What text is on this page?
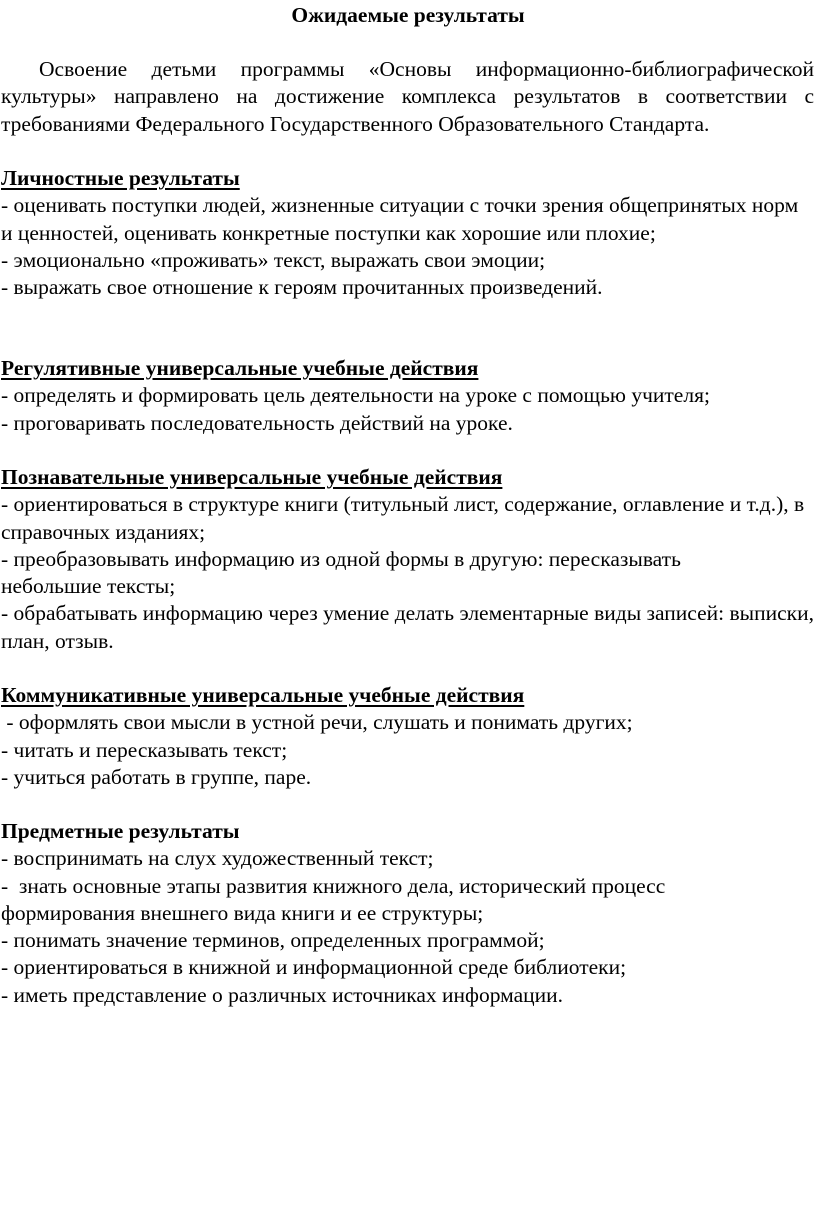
Ожидаемые результаты

Освоение детьми программы «Основы информационно-библиографической культуры» направлено на достижение комплекса результатов в соответствии с требованиями Федерального Государственного Образовательного Стандарта.

Личностные результаты
- оценивать поступки людей, жизненные ситуации с точки зрения общепринятых норм и ценностей, оценивать конкретные поступки как хорошие или плохие;
- эмоционально «проживать» текст, выражать свои эмоции;
- выражать свое отношение к героям прочитанных произведений.
Регулятивные универсальные учебные действия
- определять и формировать цель деятельности на уроке с помощью учителя;
- проговаривать последовательность действий на уроке.
Познавательные универсальные учебные действия
- ориентироваться в структуре книги (титульный лист, содержание, оглавление и т.д.), в справочных изданиях;
- преобразовывать информацию из одной формы в другую: пересказывать небольшие тексты;
- обрабатывать информацию через умение делать элементарные виды записей: выписки, план, отзыв.
Коммуникативные универсальные учебные действия
- оформлять свои мысли в устной речи, слушать и понимать других;
- читать и пересказывать текст;
- учиться работать в группе, паре.
Предметные результаты
- воспринимать на слух художественный текст;
-  знать основные этапы развития книжного дела, исторический процесс формирования внешнего вида книги и ее структуры;
- понимать значение терминов, определенных программой;
- ориентироваться в книжной и информационной среде библиотеки;
- иметь представление о различных источниках информации.
